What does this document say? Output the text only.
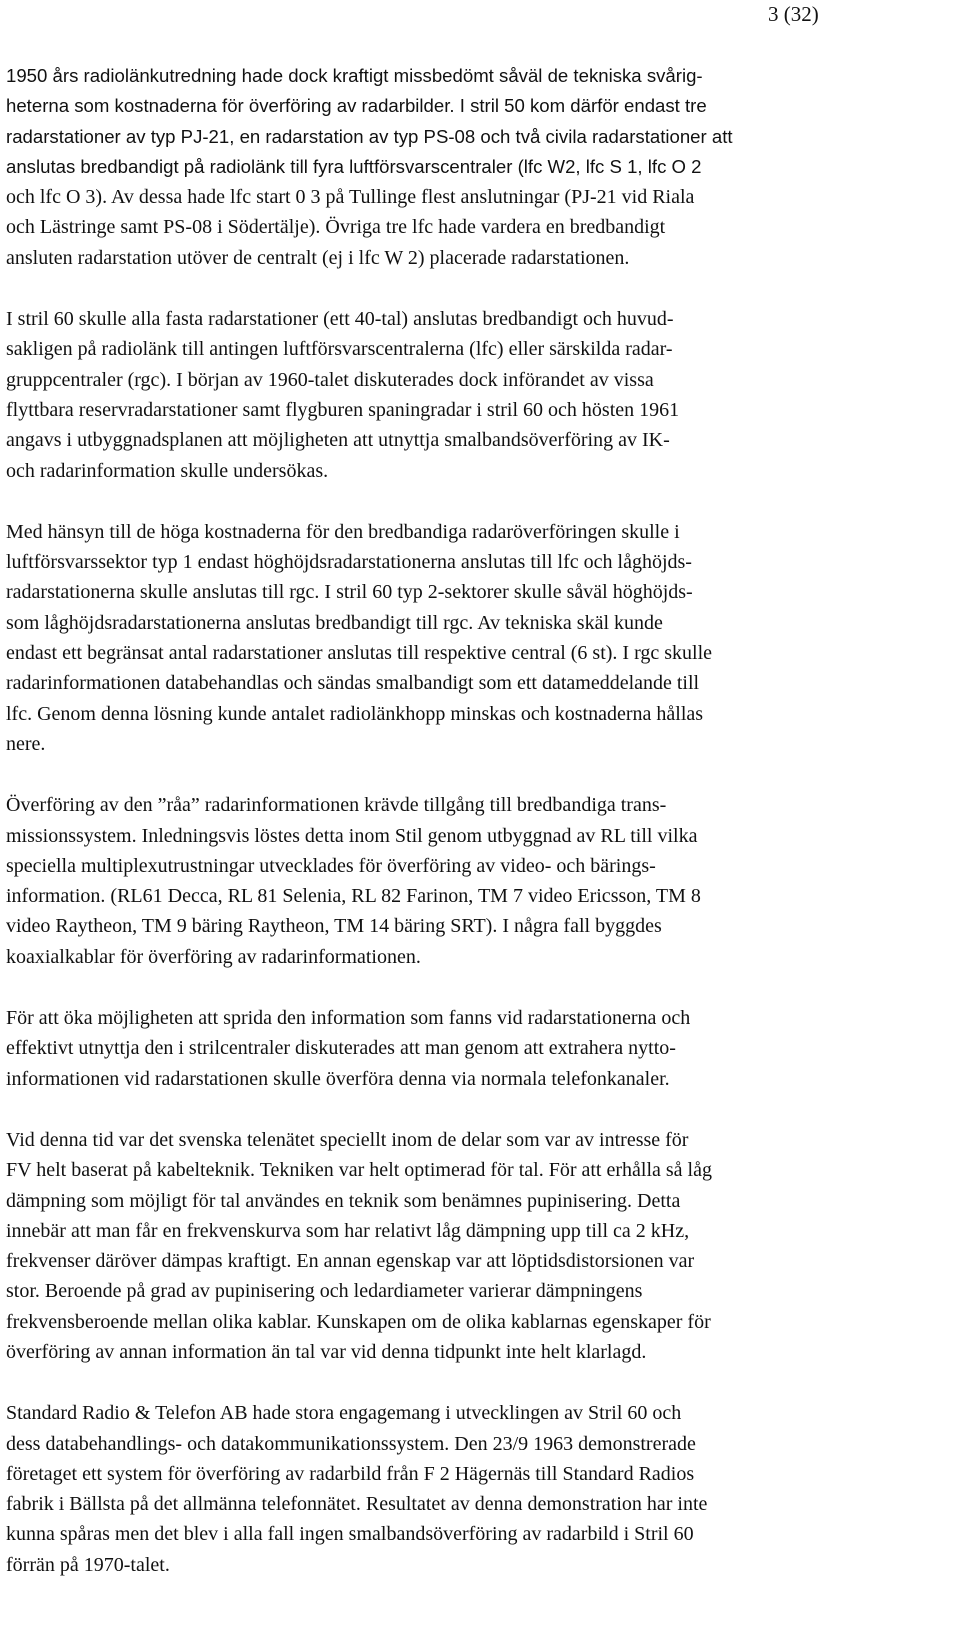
3 (32)

1950 års radiolänkutredning hade dock kraftigt missbedömt såväl de tekniska svårig-
heterna som kostnaderna för överföring av radarbilder. I stril 50 kom därför endast tre
radarstationer av typ PJ-21, en radarstation av typ PS-08 och två civila radarstationer att
anslutas bredbandigt på radiolänk till fyra luftförsvarscentraler (lfc W2, lfc S 1, lfc O 2
och lfc O 3). Av dessa hade lfc start 0 3 på Tullinge flest anslutningar (PJ-21 vid Riala
och Lästringe samt PS-08 i Södertälje). Övriga tre lfc hade vardera en bredbandigt
ansluten radarstation utöver de centralt (ej i lfc W 2) placerade radarstationen.

I stril 60 skulle alla fasta radarstationer (ett 40-tal) anslutas bredbandigt och huvud-
sakligen på radiolänk till antingen luftförsvarscentralerna (lfc) eller särskilda radar-
gruppcentraler (rgc). I början av 1960-talet diskuterades dock införandet av vissa
flyttbara reservradarstationer samt flygburen spaningradar i stril 60 och hösten 1961
angavs i utbyggnadsplanen att möjligheten att utnyttja smalbandsöverföring av IK-
och radarinformation skulle undersökas.

Med hänsyn till de höga kostnaderna för den bredbandiga radaröverföringen skulle i
luftförsvarssektor typ 1 endast höghöjdsradarstationerna anslutas till lfc och låghöjds-
radarstationerna skulle anslutas till rgc. I stril 60 typ 2-sektorer skulle såväl höghöjds-
som låghöjdsradarstationerna anslutas bredbandigt till rgc. Av tekniska skäl kunde
endast ett begränsat antal radarstationer anslutas till respektive central (6 st). I rgc skulle
radarinformationen databehandlas och sändas smalbandigt som ett datameddelande till
lfc. Genom denna lösning kunde antalet radiolänkhopp minskas och kostnaderna hållas
nere.

Överföring av den ”råa” radarinformationen krävde tillgång till bredbandiga trans-
missionssystem. Inledningsvis löstes detta inom Stil genom utbyggnad av RL till vilka
speciella multiplexutrustningar utvecklades för överföring av video- och bärings-
information. (RL61 Decca, RL 81 Selenia, RL 82 Farinon, TM 7 video Ericsson, TM 8
video Raytheon, TM 9 bäring Raytheon, TM 14 bäring SRT). I några fall byggdes
koaxialkablar för överföring av radarinformationen.

För att öka möjligheten att sprida den information som fanns vid radarstationerna och
effektivt utnyttja den i strilcentraler diskuterades att man genom att extrahera nytto-
informationen vid radarstationen skulle överföra denna via normala telefonkanaler.

Vid denna tid var det svenska telenätet speciellt inom de delar som var av intresse för
FV helt baserat på kabelteknik. Tekniken var helt optimerad för tal. För att erhålla så låg
dämpning som möjligt för tal användes en teknik som benämnes pupinisering. Detta
innebär att man får en frekvenskurva som har relativt låg dämpning upp till ca 2 kHz,
frekvenser däröver dämpas kraftigt. En annan egenskap var att löptidsdistorsionen var
stor. Beroende på grad av pupinisering och ledardiameter varierar dämpningens
frekvensberoende mellan olika kablar. Kunskapen om de olika kablarnas egenskaper för
överföring av annan information än tal var vid denna tidpunkt inte helt klarlagd.

Standard Radio & Telefon AB hade stora engagemang i utvecklingen av Stril 60 och
dess databehandlings- och datakommunikationssystem. Den 23/9 1963 demonstrerade
företaget ett system för överföring av radarbild från F 2 Hägernäs till Standard Radios
fabrik i Bällsta på det allmänna telefonnätet. Resultatet av denna demonstration har inte
kunna spåras men det blev i alla fall ingen smalbandsöverföring av radarbild i Stril 60
förrän på 1970-talet.
